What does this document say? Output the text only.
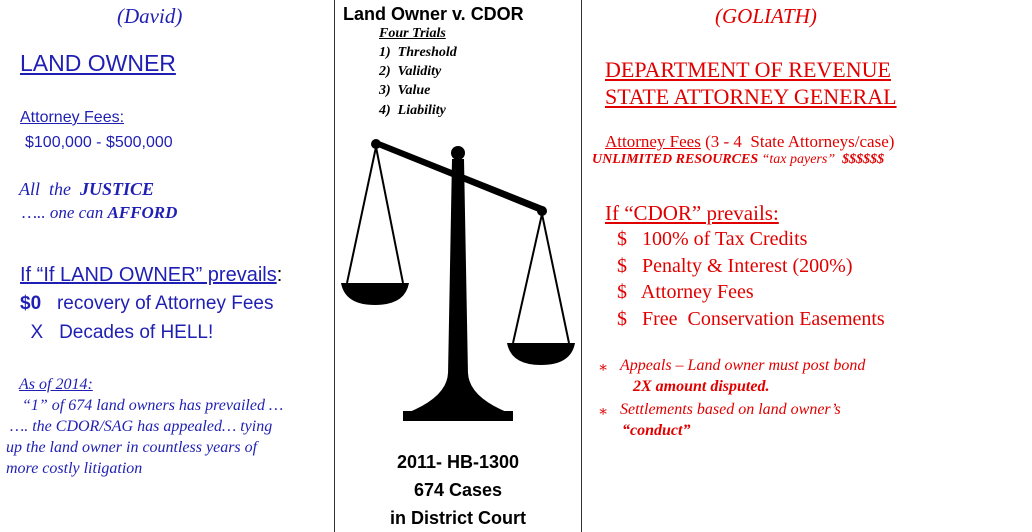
(David)
LAND OWNER
Attorney Fees:
$100,000 - $500,000
All  the  JUSTICE
….. one can AFFORD
If “If LAND OWNER” prevails:
$0   recovery of Attorney Fees
X   Decades of HELL!
As of 2014:
“1” of 674 land owners has prevailed …
…. the CDOR/SAG has appealed… tying
up the land owner in countless years of
more costly litigation
Land Owner v. CDOR
Four Trials
1)  Threshold
2)  Validity
3)  Value
4)  Liability
2011- HB-1300
674 Cases
in District Court
(GOLIATH)
DEPARTMENT OF REVENUE
STATE ATTORNEY GENERAL
Attorney Fees (3 - 4  State Attorneys/case)
UNLIMITED RESOURCES “tax payers”  $$$$$$
If “CDOR” prevails:
$   100% of Tax Credits
$   Penalty & Interest (200%)
$   Attorney Fees
$   Free  Conservation Easements
∗ Appeals – Land owner must post bond
2X amount disputed.
∗ Settlements based on land owner’s
“conduct”
